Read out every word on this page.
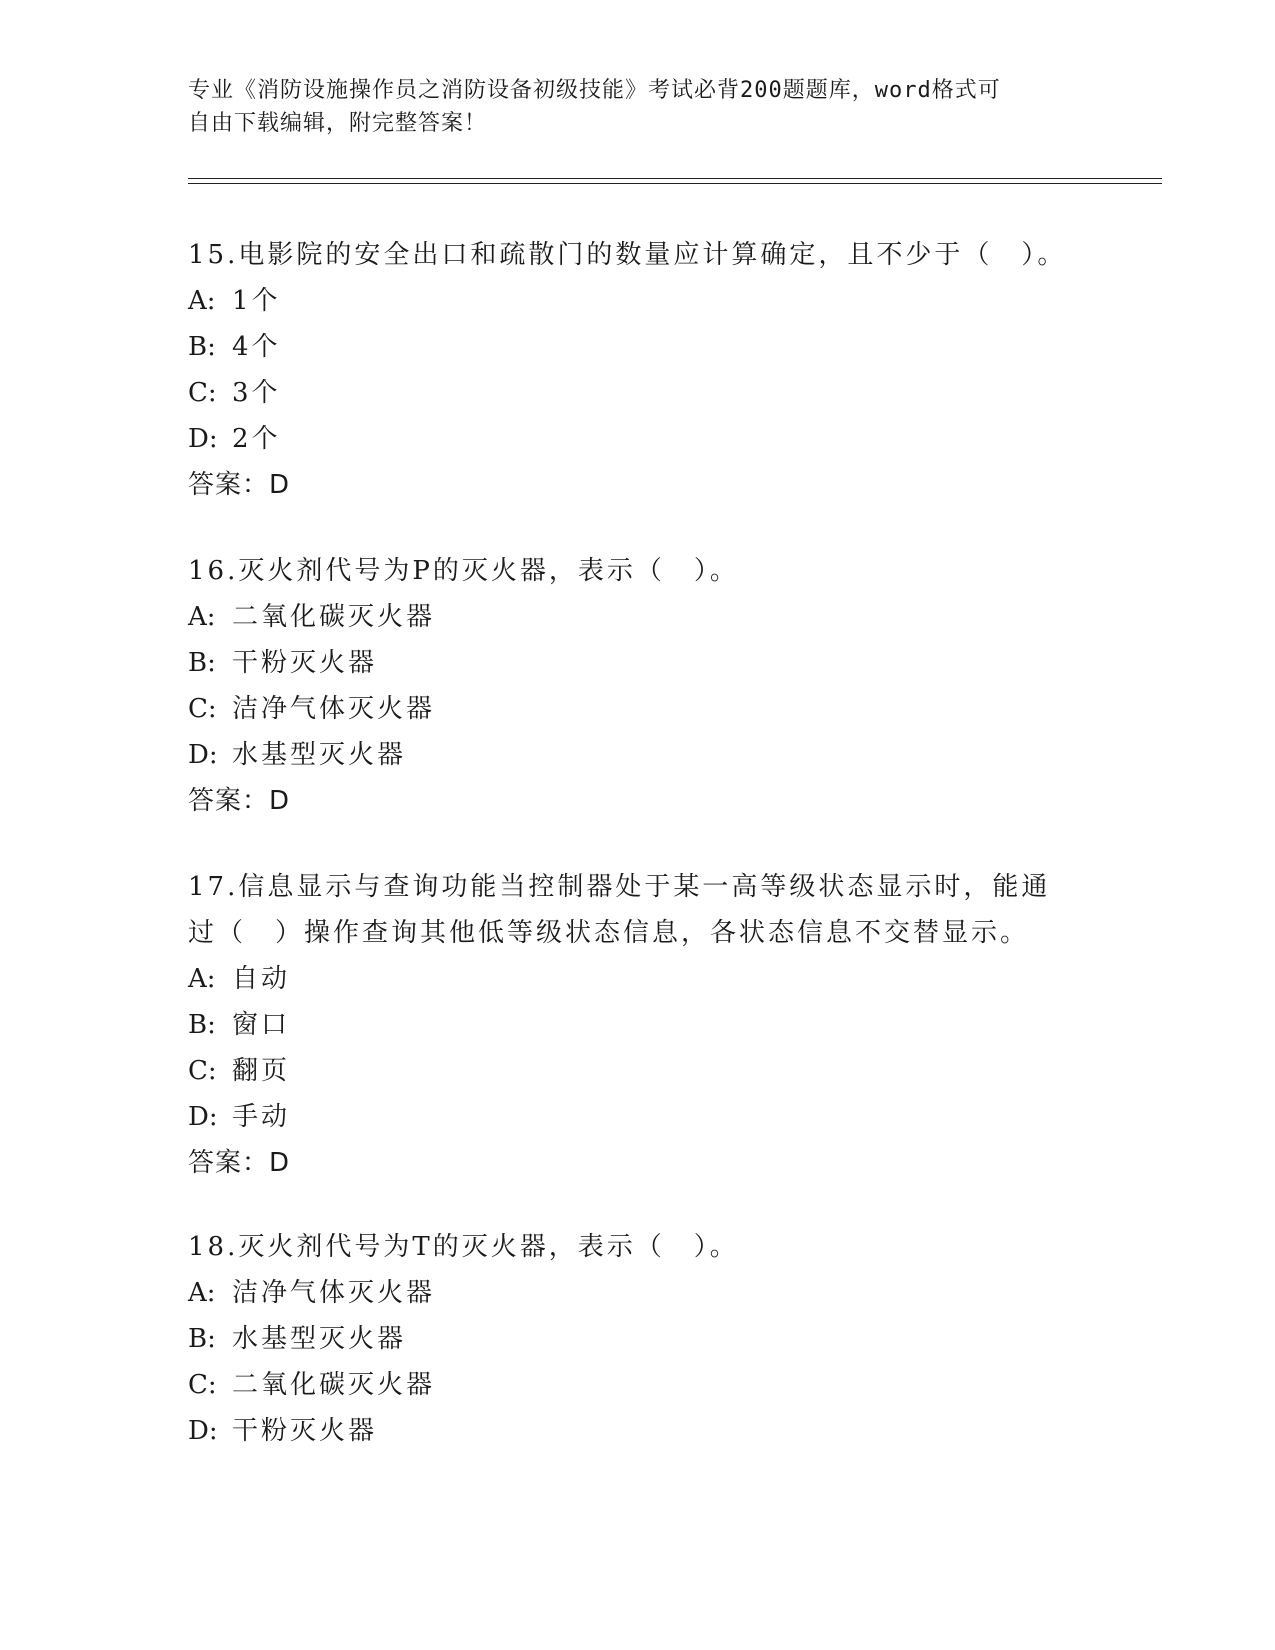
专业《消防设施操作员之消防设备初级技能》考试必背200题题库，word格式可
自由下载编辑，附完整答案！
15.电影院的安全出口和疏散门的数量应计算确定，且不少于（　）。
A: 1个
B: 4个
C: 3个
D: 2个
答案：D
16.灭火剂代号为P的灭火器，表示（　）。
A: 二氧化碳灭火器
B: 干粉灭火器
C: 洁净气体灭火器
D: 水基型灭火器
答案：D
17.信息显示与查询功能当控制器处于某一高等级状态显示时，能通过（　）操作查询其他低等级状态信息，各状态信息不交替显示。
A: 自动
B: 窗口
C: 翻页
D: 手动
答案：D
18.灭火剂代号为T的灭火器，表示（　）。
A: 洁净气体灭火器
B: 水基型灭火器
C: 二氧化碳灭火器
D: 干粉灭火器
